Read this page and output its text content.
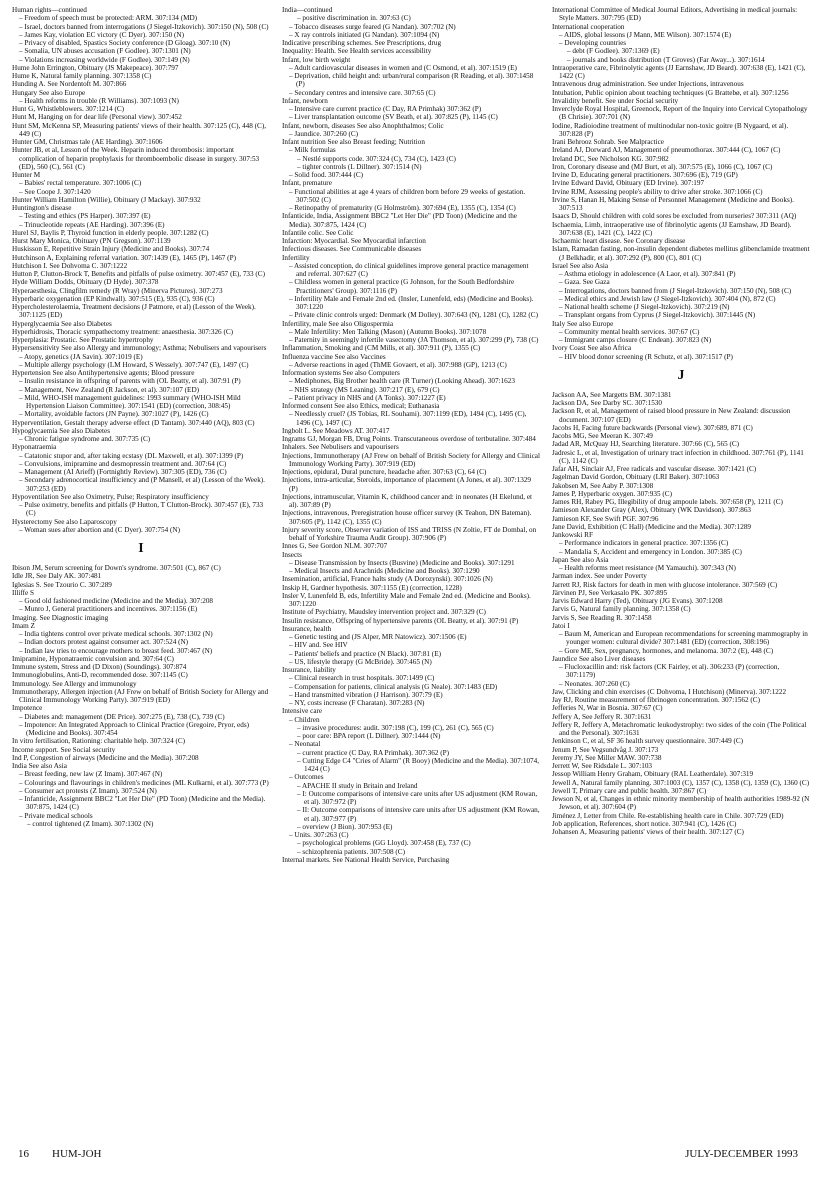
Human rights—continued

– Freedom of speech must be protected: ARM. 307:134 (MD)

– Israel, doctors banned from interrogations (J Siegel-Itzkovich). 307:150 (N), 508 (C)

– James Kay, violation EC victory (C Dyer). 307:150 (N)

– Privacy of disabled, Spastics Society conference (D Gloag). 307:10 (N)

– Somalia, UN abuses accusation (F Godlee). 307:1301 (N)

– Violations increasing worldwide (F Godlee). 307:149 (N)

Hume John Errington, Obituary (JS Makepeace). 307:797

Hume K, Natural family planning. 307:1358 (C)

Hunding A. See Nordentoft M. 307:866

Hungary See also Europe

– Health reforms in trouble (R Williams). 307:1093 (N)

Hunt G, Whistleblowers. 307:1214 (C)

Hunt M, Hanging on for dear life (Personal view). 307:452

Hunt SM, McKenna SP, Measuring patients' views of their health. 307:125 (C), 448 (C), 449 (C)

Hunter GM, Christmas tale (AE Harding). 307:1606

Hunter JB, et al, Lesson of the Week. Heparin induced thrombosis: important complication of heparin prophylaxis for thromboembolic disease in surgery. 307:53 (ED), 560 (C), 561 (C)

Hunter M

– Babies' rectal temperature. 307:1006 (C)

– See Coope J. 307:1420

Hunter William Hamilton (Willie), Obituary (J Mackay). 307:932

Huntington's disease

– Testing and ethics (PS Harper). 307:397 (E)

– Trinucleotide repeats (AE Harding). 307:396 (E)

Hurel SJ, Baylis P, Thyroid function in elderly people. 307:1282 (C)

Hurst Mary Monica, Obituary (PN Gregson). 307:1139

Huskisson E, Repetitive Strain Injury (Medicine and Books). 307:74

Hutchinson A, Explaining referral variation. 307:1439 (E), 1465 (P), 1467 (P)

Hutchison I. See Dohvoma C. 307:1222

Hutton P, Clutton-Brock T, Benefits and pitfalls of pulse oximetry. 307:457 (E), 733 (C)

Hyde William Dodds, Obituary (D Hyde). 307:378

Hyperaesthesia, Clingfilm remedy (R Wray) (Minerva Pictures). 307:273

Hyperbaric oxygenation (EP Kindwall). 307:515 (E), 935 (C), 936 (C)

Hypercholesterolaemia, Treatment decisions (J Patmore, et al) (Lesson of the Week). 307:1125 (ED)

Hyperglycaemia See also Diabetes

Hyperhidrosis, Thoracic sympathectomy treatment: anaesthesia. 307:326 (C)

Hyperplasia: Prostatic. See Prostatic hypertrophy

Hypersensitivity See also Allergy and immunology; Asthma; Nebulisers and vapourisers

– Atopy, genetics (JA Savin). 307:1019 (E)

– Multiple allergy psychology (LM Howard, S Wessely). 307:747 (E), 1497 (C)

Hypertension See also Antihypertensive agents; Blood pressure

– Insulin resistance in offspring of parents with (OL Beatty, et al). 307:91 (P)

– Management, New Zealand (R Jackson, et al). 307:107 (ED)

– Mild, WHO-ISH management guidelines: 1993 summary (WHO-ISH Mild Hypertension Liaison Committee). 307:1541 (ED) (correction, 308:45)

– Mortality, avoidable factors (JN Payne). 307:1027 (P), 1426 (C)

Hyperventilation, Gestalt therapy adverse effect (D Tantam). 307:440 (AQ), 803 (C)

Hypoglycaemia See also Diabetes

– Chronic fatigue syndrome and. 307:735 (C)

Hyponatraemia

– Catatonic stupor and, after taking ecstasy (DL Maxwell, et al). 307:1399 (P)

– Convulsions, imipramine and desmopressin treatment and. 307:64 (C)

– Management (AI Arieff) (Fortnightly Review). 307:305 (ED), 736 (C)

– Secondary adrenocortical insufficiency and (P Mansell, et al) (Lesson of the Week). 307:253 (ED)

Hypoventilation See also Oximetry, Pulse; Respiratory insufficiency

– Pulse oximetry, benefits and pitfalls (P Hutton, T Clutton-Brock). 307:457 (E), 733 (C)

Hysterectomy See also Laparoscopy

– Woman sues after abortion and (C Dyer). 307:754 (N)

I

Ibison JM, Serum screening for Down's syndrome. 307:501 (C), 867 (C)

Idle JR, See Daly AK. 307:481

Iglesias S. See Tzourio C. 307:289

Illiffe S

– Good old fashioned medicine (Medicine and the Media). 307:208

– Munro J, General practitioners and incentives. 307:1156 (E)

Imaging. See Diagnostic imaging

Imam Z

– India tightens control over private medical schools. 307:1302 (N)

– Indian doctors protest against consumer act. 307:524 (N)

– Indian law tries to encourage mothers to breast feed. 307:467 (N)

Imipramine, Hyponatraemic convulsion and. 307:64 (C)

Immune system, Stress and (D Dixon) (Soundings). 307:874

Immunoglobulins, Anti-D, recommended dose. 307:1145 (C)

Immunology. See Allergy and immunology

Immunotherapy, Allergen injection (AJ Frew on behalf of British Society for Allergy and Clinical Immunology Working Party). 307:919 (ED)

Impotence

– Diabetes and: management (DE Price). 307:275 (E), 738 (C), 739 (C)

– Impotence: An Integrated Approach to Clinical Practice (Gregoire, Pryor, eds) (Medicine and Books). 307:454

In vitro fertilisation, Rationing: charitable help. 307:324 (C)

Income support. See Social security

Ind P, Congestion of airways (Medicine and the Media). 307:208

India See also Asia

– Breast feeding, new law (Z Imam). 307:467 (N)

– Colourings and flavourings in children's medicines (ML Kulkarni, et al). 307:773 (P)

– Consumer act protests (Z Imam). 307:524 (N)

– Infanticide, Assignment BBC2 "Let Her Die" (PD Toon) (Medicine and the Media). 307:875, 1424 (C)

– Private medical schools

– control tightened (Z Imam). 307:1302 (N)

India—continued

– positive discrimination in. 307:63 (C)

– Tobacco diseases surge feared (G Nandan). 307:702 (N)

– X ray controls initiated (G Nandan). 307:1094 (N)

Indicative prescribing schemes. See Prescriptions, drug

Inequality: Health. See Health services accessibility

Infant, low birth weight

– Adult cardiovascular diseases in women and (C Osmond, et al). 307:1519 (E)

– Deprivation, child height and: urban/rural comparison (R Reading, et al). 307:1458 (P)

– Secondary centres and intensive care. 307:65 (C)

Infant, newborn

– Intensive care current practice (C Day, RA Primhak) 307:362 (P)

– Liver transplantation outcome (SV Beath, et al). 307:825 (P), 1145 (C)

Infant, newborn, diseases See also Anophthalmos; Colic

– Jaundice. 307:260 (C)

Infant nutrition See also Breast feeding; Nutrition

– Milk formulas

– Nestlé supports code. 307:324 (C), 734 (C), 1423 (C)

– tighter controls (L Dillner). 307:1514 (N)

– Solid food. 307:444 (C)

Infant, premature

– Functional abilities at age 4 years of children born before 29 weeks of gestation. 307:502 (C)

– Retinopathy of prematurity (G Holmström). 307:694 (E), 1355 (C), 1354 (C)

Infanticide, India, Assignment BBC2 "Let Her Die" (PD Toon) (Medicine and the Media). 307:875, 1424 (C)

Infantile colic. See Colic

Infarction: Myocardial. See Myocardial infarction

Infectious diseases. See Communicable diseases

Infertility

– Assisted conception, do clinical guidelines improve general practice management and referral. 307:627 (C)

– Childless women in general practice (G Johnson, for the South Bedfordshire Practitioners' Group). 307:1116 (P)

– Infertility Male and Female 2nd ed. (Insler, Lunenfeld, eds) (Medicine and Books). 307:1220

– Private clinic controls urged: Denmark (M Dolley). 307:643 (N), 1281 (C), 1282 (C)

Infertility, male See also Oligospermia

– Male Infertility: Men Talking (Mason) (Autumn Books). 307:1078

– Paternity in seemingly infertile vasectomy (JA Thomson, et al). 307:299 (P), 738 (C)

Inflammation, Smoking and (CM Mills, et al). 307:911 (P), 1355 (C)

Influenza vaccine See also Vaccines

– Adverse reactions in aged (ThME Govaert, et al). 307:988 (GP), 1213 (C)

Information systems See also Computers

– Mediphones, Big Brother health care (R Turner) (Looking Ahead). 307:1623

– NHS strategy (MS Leaning). 307:217 (E), 679 (C)

– Patient privacy in NHS and (A Tonks). 307:1227 (E)

Informed consent See also Ethics, medical; Euthanasia

– Needlessly cruel? (JS Tobias, RL Souhami). 307:1199 (ED), 1494 (C), 1495 (C), 1496 (C), 1497 (C)

Ingbolt L. See Meadows AT. 307:417

Ingrams GJ, Morgan FB, Drug Points. Transcutaneous overdose of tertbutaline. 307:484

Inhalers. See Nebulisers and vapourisers

Injections, Immunotherapy (AJ Frew on behalf of British Society for Allergy and Clinical Immunology Working Party). 307:919 (ED)

Injections, epidural, Dural puncture, headache after. 307:63 (C), 64 (C)

Injections, intra-articular, Steroids, importance of placement (A Jones, et al). 307:1329 (P)

Injections, intramuscular, Vitamin K, childhood cancer and: in neonates (H Ekelund, et al). 307:89 (P)

Injections, intravenous, Preregistration house officer survey (K Teahon, DN Bateman). 307:605 (P), 1142 (C), 1355 (C)

Injury severity score, Observer variation of ISS and TRISS (N Zoltie, FT de Dombal, on behalf of Yorkshire Trauma Audit Group). 307:906 (P)

Innes G, See Gordon NLM. 307:707

Insects

– Disease Transmission by Insects (Busvine) (Medicine and Books). 307:1291

– Medical Insects and Arachnids (Medicine and Books). 307:1290

Insemination, artificial, France halts study (A Dorozynski). 307:1026 (N)

Inskip H, Gardner hypothesis. 307:1155 (E) (correction, 1228)

Insler V, Lunenfeld B, eds, Infertility Male and Female 2nd ed. (Medicine and Books). 307:1220

Institute of Psychiatry, Maudsley intervention project and. 307:329 (C)

Insulin resistance, Offspring of hypertensive parents (OL Beatty, et al). 307:91 (P)

Insurance, health

– Genetic testing and (JS Alper, MR Natowicz). 307:1506 (E)

– HIV and. See HIV

– Patients' beliefs and practice (N Black). 307:81 (E)

– US, lifestyle therapy (G McBride). 307:465 (N)

Insurance, liability

– Clinical research in trust hospitals. 307:1499 (C)

– Compensation for patients, clinical analysis (G Neale). 307:1483 (ED)

– Hand transmitted vibration (J Harrison). 307:79 (E)

– NY, costs increase (F Charatan). 307:283 (N)

Intensive care

– Children

– invasive procedures: audit. 307:198 (C), 199 (C), 261 (C), 565 (C)

– poor care: BPA report (L Dillner). 307:1444 (N)

– Neonatal

– current practice (C Day, RA Primhak). 307:362 (P)

– Cutting Edge C4 "Cries of Alarm" (R Booy) (Medicine and the Media). 307:1074, 1424 (C)

– Outcomes

– APACHE II study in Britain and Ireland

– I: Outcome comparisons of intensive care units after US adjustment (KM Rowan, et al). 307:972 (P)

– II: Outcome comparisons of intensive care units after US adjustment (KM Rowan, et al). 307:977 (P)

– overview (J Bion). 307:953 (E)

– Units. 307:263 (C)

– psychological problems (GG Lloyd). 307:458 (E), 737 (C)

– schizophrenia patients. 307:508 (C)

Internal markets. See National Health Service, Purchasing

International Committee of Medical Journal Editors, Advertising in medical journals: Style Matters. 307:795 (ED)

International cooperation

– AIDS, global lessons (J Mann, ME Wilson). 307:1574 (E)

– Developing countries

– debt (F Godlee). 307:1369 (E)

– journals and books distribution (T Groves) (Far Away...). 307:1614

Intraoperative care, Fibrinolytic agents (JJ Earnshaw, JD Beard). 307:638 (E), 1421 (C), 1422 (C)

Intravenous drug administration. See under Injections, intravenous

Intubation, Public opinion about teaching techniques (G Brattebø, et al). 307:1256

Invalidity benefit. See under Social security

Inverclyde Royal Hospital, Greenock, Report of the Inquiry into Cervical Cytopathology (B Chrisie). 307:701 (N)

Iodine, Radioiodine treatment of multinodular non-toxic goitre (B Nygaard, et al). 307:828 (P)

Irani Behrooz Sohrab. See Malpractice

Ireland AJ, Dorward AJ, Management of pneumothorax. 307:444 (C), 1067 (C)

Ireland DC, See Nicholson KG. 307:982

Iron, Coronary disease and (MJ Burt, et al). 307:575 (E), 1066 (C), 1067 (C)

Irvine D, Educating general practitioners. 307:696 (E), 719 (GP)

Irvine Edward David, Obituary (ED Irvine). 307:197

Irvine RJM, Assessing people's ability to drive after stroke. 307:1066 (C)

Irvine S, Hanan H, Making Sense of Personnel Management (Medicine and Books). 307:513

Isaacs D, Should children with cold sores be excluded from nurseries? 307:311 (AQ)

Ischaemia, Limb, intraoperative use of fibrinolytic agents (JJ Earnshaw, JD Beard). 307:638 (E), 1421 (C), 1422 (C)

Ischaemic heart disease. See Coronary disease

Islam, Ramadan fasting, non-insulin dependent diabetes mellitus glibenclamide treatment (J Belkhadir, et al). 307:292 (P), 800 (C), 801 (C)

Israel See also Asia

– Asthma etiology in adolescence (A Laor, et al). 307:841 (P)

– Gaza. See Gaza

– Interrogations, doctors banned from (J Siegel-Itzkovich). 307:150 (N), 508 (C)

– Medical ethics and Jewish law (J Siegel-Itzkovich). 307:404 (N), 872 (C)

– National health scheme (J Siegel-Itzkovich). 307:219 (N)

– Transplant organs from Cyprus (J Siegel-Itzkovich). 307:1445 (N)

Italy See also Europe

– Community mental health services. 307:67 (C)

– Immigrant camps closure (C Endean). 307:823 (N)

Ivory Coast See also Africa

– HIV blood donor screening (R Schutz, et al). 307:1517 (P)

J

Jackson AA, See Margetts BM. 307:1381

Jackson DA, See Darby SC. 307:1530

Jackson R, et al, Management of raised blood pressure in New Zealand: discussion document. 307:107 (ED)

Jacobs H, Facing future backwards (Personal view). 307:689, 871 (C)

Jacobs MG, See Meeran K. 307:49

Jadad AR, McQuay HJ, Searching literature. 307:66 (C), 565 (C)

Jadresic L, et al, Investigation of urinary tract infection in childhood. 307:761 (P), 1141 (C), 1142 (C)

Jafar AH, Sinclair AJ, Free radicals and vascular disease. 307:1421 (C)

Jagelman David Gordon, Obituary (LRI Baker). 307:1063

Jakobsen M, See Aaby P. 307:1308

James P, Hyperbaric oxygen. 307:935 (C)

James RH, Rabey PG, Illegibility of drug ampoule labels. 307:658 (P), 1211 (C)

Jamieson Alexander Gray (Alex), Obituary (WK Davidson). 307:863

Jamieson KF, See Swift PGF. 307:96

Jane David, Exhibition (C Hall) (Medicine and the Media). 307:1289

Jankowski RF

– Performance indicators in general practice. 307:1356 (C)

– Mandalia S, Accident and emergency in London. 307:385 (C)

Japan See also Asia

– Health reforms meet resistance (M Yamauchi). 307:343 (N)

Jarman index. See under Poverty

Jarrett RJ, Risk factors for death in men with glucose intolerance. 307:569 (C)

Järvinen PJ, See Verkasalo PK. 307:895

Jarvis Edward Harry (Ted), Obituary (JG Evans). 307:1208

Jarvis G, Natural family planning. 307:1358 (C)

Jarvis S, See Reading R. 307:1458

Jatoi I

– Baum M, American and European recommendations for screening mammography in younger women: cultural divide? 307:1481 (ED) (correction, 308:196)

– Gore ME, Sex, pregnancy, hormones, and melanoma. 307:2 (E), 448 (C)

Jaundice See also Liver diseases

– Flucloxacillin and: risk factors (CK Fairley, et al). 306:233 (P) (correction, 307:1179)

– Neonates. 307:260 (C)

Jaw, Clicking and chin exercises (C Dohvoma, I Hutchison) (Minerva). 307:1222

Jay RJ, Routine measurement of fibrinogen concentration. 307:1562 (C)

Jefferies N, War in Bosnia. 307:67 (C)

Jeffery A, See Jeffery R. 307:1631

Jeffery R, Jeffery A, Metachromatic leukodystrophy: two sides of the coin (The Political and the Personal). 307:1631

Jenkinson C, et al, SF 36 health survey questionnaire. 307:449 (C)

Jenum P, See Vegsundvåg J. 307:173

Jeremy JY, See Miller MAW. 307:738

Jerrett W, See Ridsdale L. 307:103

Jessop William Henry Graham, Obituary (RAL Leatherdale). 307:319

Jewell A, Natural family planning. 307:1003 (C), 1357 (C), 1358 (C), 1359 (C), 1360 (C)

Jewell T, Primary care and public health. 307:867 (C)

Jewson N, et al, Changes in ethnic minority membership of health authorities 1989-92 (N Jewson, et al). 307:604 (P)

Jiménez J, Letter from Chile. Re-establishing health care in Chile. 307:729 (ED)

Job application, References, short notice. 307:941 (C), 1426 (C)

Johansen A, Measuring patients' views of their health. 307:127 (C)

16 HUM-JOH	JULY-DECEMBER 1993
